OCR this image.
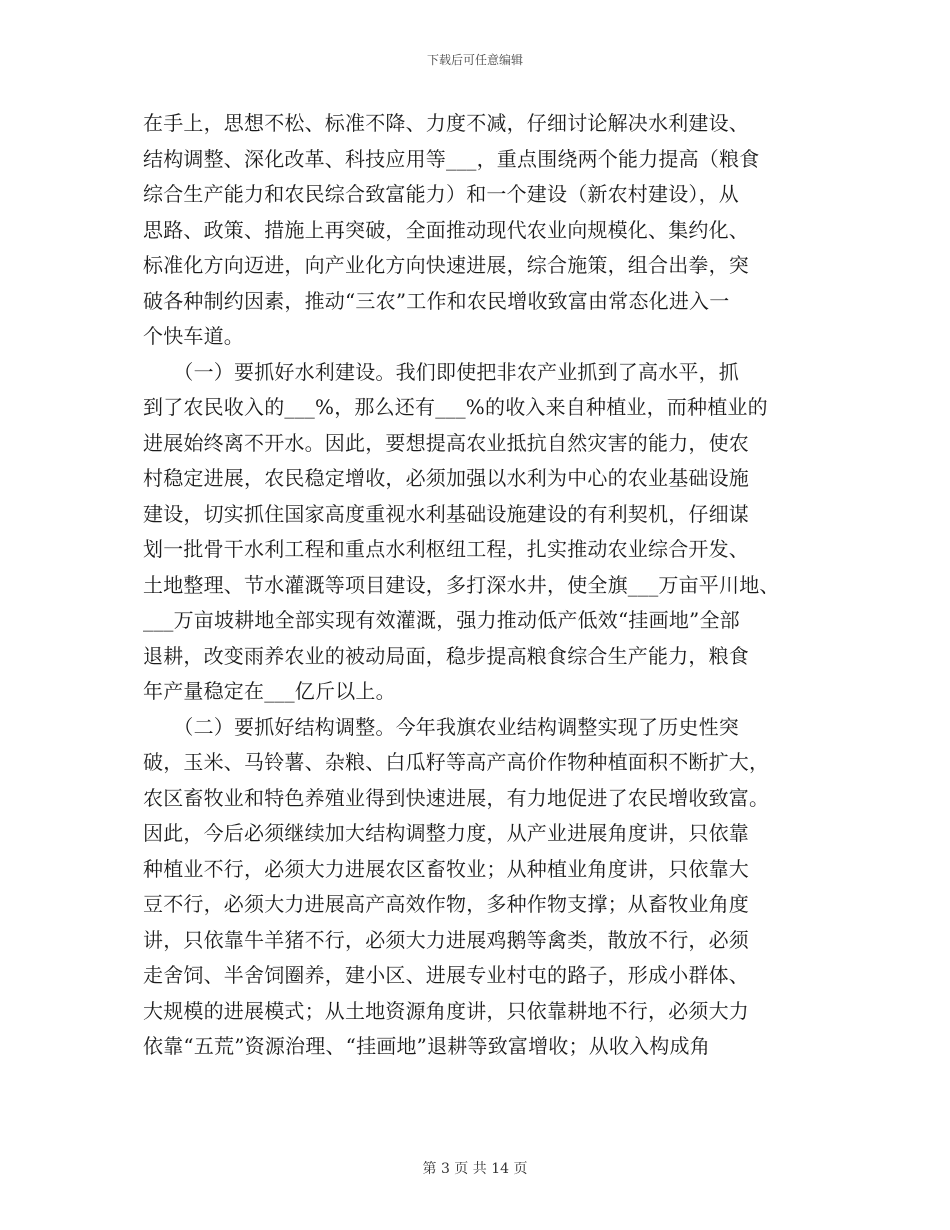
下载后可任意编辑
在手上，思想不松、标准不降、力度不减，仔细讨论解决水利建设、
结构调整、深化改革、科技应用等___，重点围绕两个能力提高（粮食
综合生产能力和农民综合致富能力）和一个建设（新农村建设），从
思路、政策、措施上再突破，全面推动现代农业向规模化、集约化、
标准化方向迈进，向产业化方向快速进展，综合施策，组合出拳，突
破各种制约因素，推动“三农”工作和农民增收致富由常态化进入一
个快车道。
　　（一）要抓好水利建设。我们即使把非农产业抓到了高水平，抓
到了农民收入的___%，那么还有___%的收入来自种植业，而种植业的
进展始终离不开水。因此，要想提高农业抵抗自然灾害的能力，使农
村稳定进展，农民稳定增收，必须加强以水利为中心的农业基础设施
建设，切实抓住国家高度重视水利基础设施建设的有利契机，仔细谋
划一批骨干水利工程和重点水利枢纽工程，扎实推动农业综合开发、
土地整理、节水灌溉等项目建设，多打深水井，使全旗___万亩平川地、
___万亩坡耕地全部实现有效灌溉，强力推动低产低效“挂画地”全部
退耕，改变雨养农业的被动局面，稳步提高粮食综合生产能力，粮食
年产量稳定在___亿斤以上。
　　（二）要抓好结构调整。今年我旗农业结构调整实现了历史性突
破，玉米、马铃薯、杂粮、白瓜籽等高产高价作物种植面积不断扩大，
农区畜牧业和特色养殖业得到快速进展，有力地促进了农民增收致富。
因此，今后必须继续加大结构调整力度，从产业进展角度讲，只依靠
种植业不行，必须大力进展农区畜牧业；从种植业角度讲，只依靠大
豆不行，必须大力进展高产高效作物，多种作物支撑；从畜牧业角度
讲，只依靠牛羊猪不行，必须大力进展鸡鹅等禽类，散放不行，必须
走舍饲、半舍饲圈养，建小区、进展专业村屯的路子，形成小群体、
大规模的进展模式；从土地资源角度讲，只依靠耕地不行，必须大力
依靠“五荒”资源治理、“挂画地”退耕等致富增收；从收入构成角
第 3 页 共 14 页
